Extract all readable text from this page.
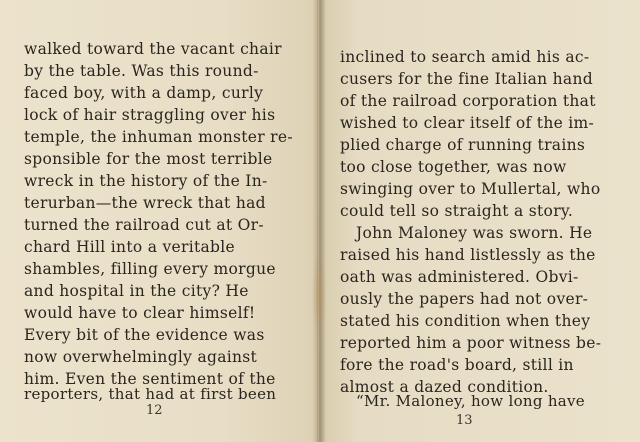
walked toward the vacant chair
by the table. Was this round-
faced boy, with a damp, curly
lock of hair straggling over his
temple, the inhuman monster re-
sponsible for the most terrible
wreck in the history of the In-
terurban—the wreck that had
turned the railroad cut at Or-
chard Hill into a veritable
shambles, filling every morgue
and hospital in the city? He
would have to clear himself!
Every bit of the evidence was
now overwhelmingly against
him. Even the sentiment of the
reporters, that had at first been
12
inclined to search amid his ac-
cusers for the fine Italian hand
of the railroad corporation that
wished to clear itself of the im-
plied charge of running trains
too close together, was now
swinging over to Mullertal, who
could tell so straight a story.
John Maloney was sworn. He
raised his hand listlessly as the
oath was administered. Obvi-
ously the papers had not over-
stated his condition when they
reported him a poor witness be-
fore the road's board, still in
almost a dazed condition.
“Mr. Maloney, how long have
13
